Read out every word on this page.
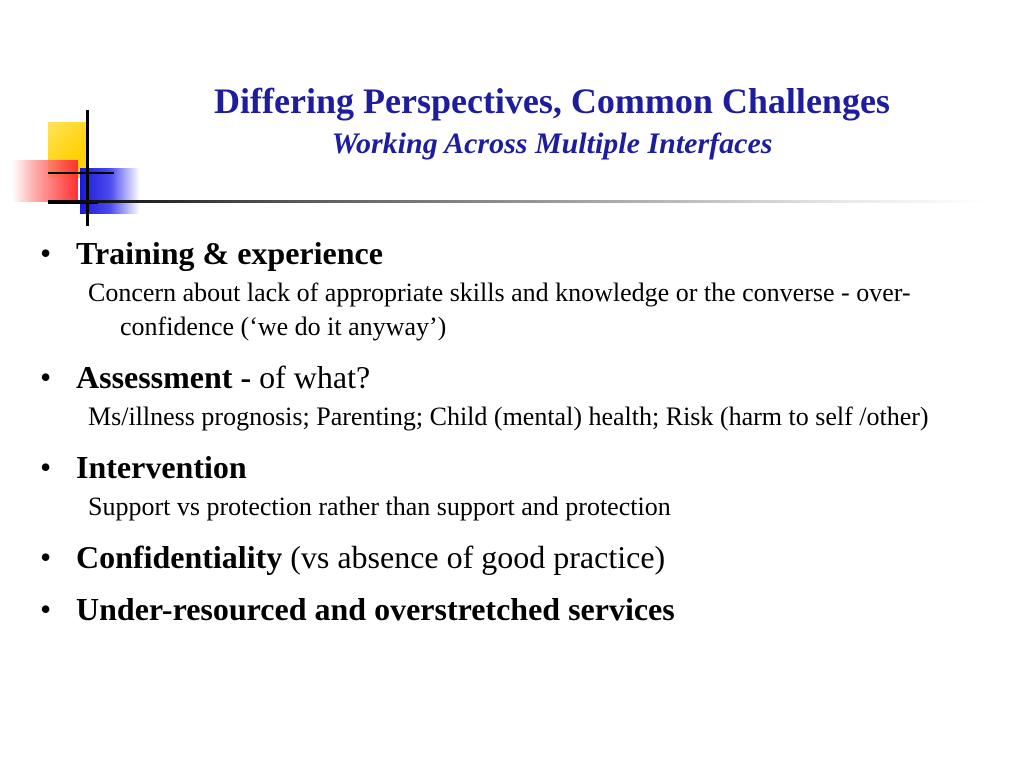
Differing Perspectives, Common Challenges
Working Across Multiple Interfaces
• Training & experience
Concern about lack of appropriate skills and knowledge or the converse - over-confidence (‘we do it anyway’)
• Assessment - of what?
Ms/illness prognosis; Parenting; Child (mental) health; Risk (harm to self /other)
• Intervention
Support vs protection rather than support and protection
• Confidentiality (vs absence of good practice)
• Under-resourced and overstretched services
